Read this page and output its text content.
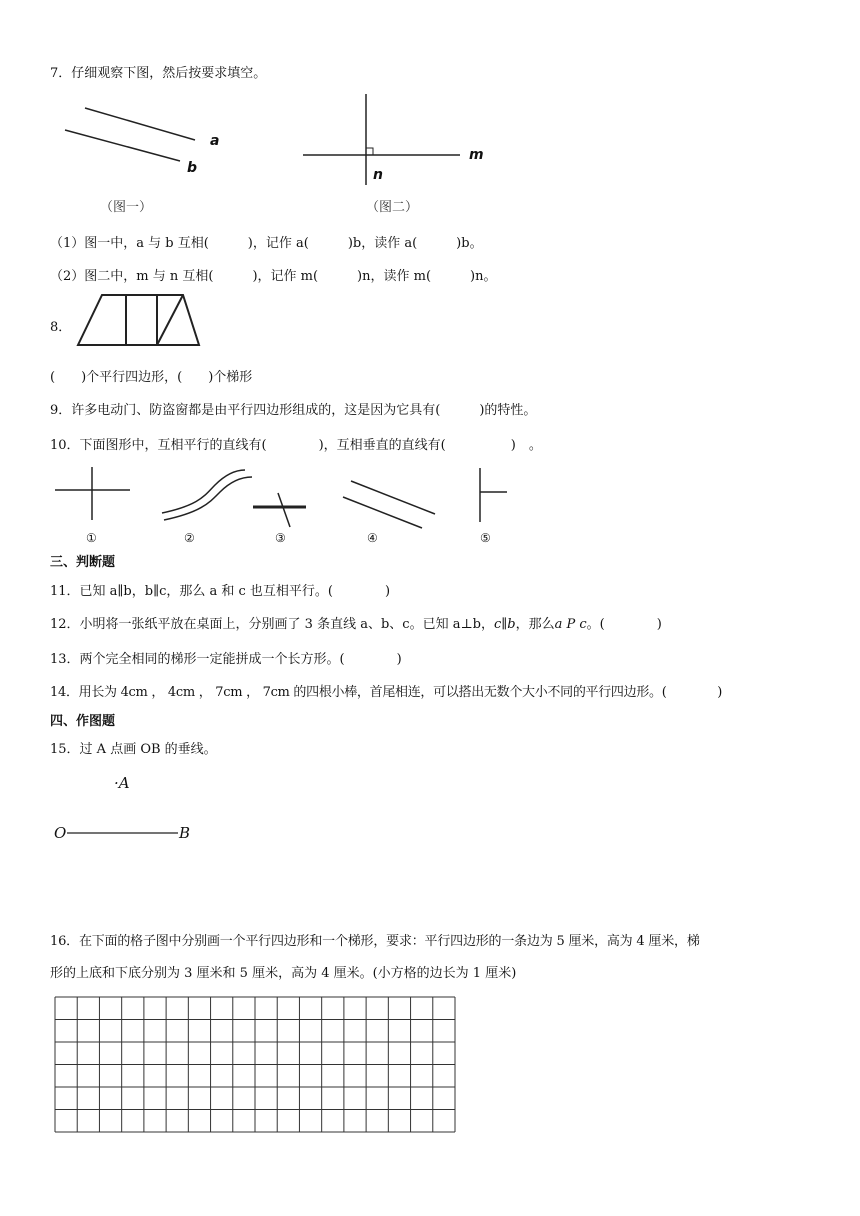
7．仔细观察下图，然后按要求填空。
a
b
（图一）
m
n
（图二）
（1）图一中，a 与 b 互相(　　　)，记作 a(　　　)b，读作 a(　　　)b。
（2）图二中，m 与 n 互相(　　　)，记作 m(　　　)n，读作 m(　　　)n。
8．
(　　)个平行四边形，(　　)个梯形
9．许多电动门、防盗窗都是由平行四边形组成的，这是因为它具有(　　　)的特性。
10．下面图形中，互相平行的直线有(　　　　)，互相垂直的直线有(　　　　　)　。
①	②	③	④	⑤
三、判断题
11．已知 a∥b，b∥c，那么 a 和 c 也互相平行。(　　　　)
12．小明将一张纸平放在桌面上，分别画了 3 条直线 a、b、c。已知 a⊥b，c∥b，那么a P c。(　　　　)
13．两个完全相同的梯形一定能拼成一个长方形。(　　　　)
14．用长为 4cm ， 4cm ， 7cm ， 7cm 的四根小棒，首尾相连，可以搭出无数个大小不同的平行四边形。(　　　　)
四、作图题
15．过 A 点画 OB 的垂线。
·A
O	B
16．在下面的格子图中分别画一个平行四边形和一个梯形，要求：平行四边形的一条边为 5 厘米，高为 4 厘米，梯
形的上底和下底分别为 3 厘米和 5 厘米，高为 4 厘米。(小方格的边长为 1 厘米)
